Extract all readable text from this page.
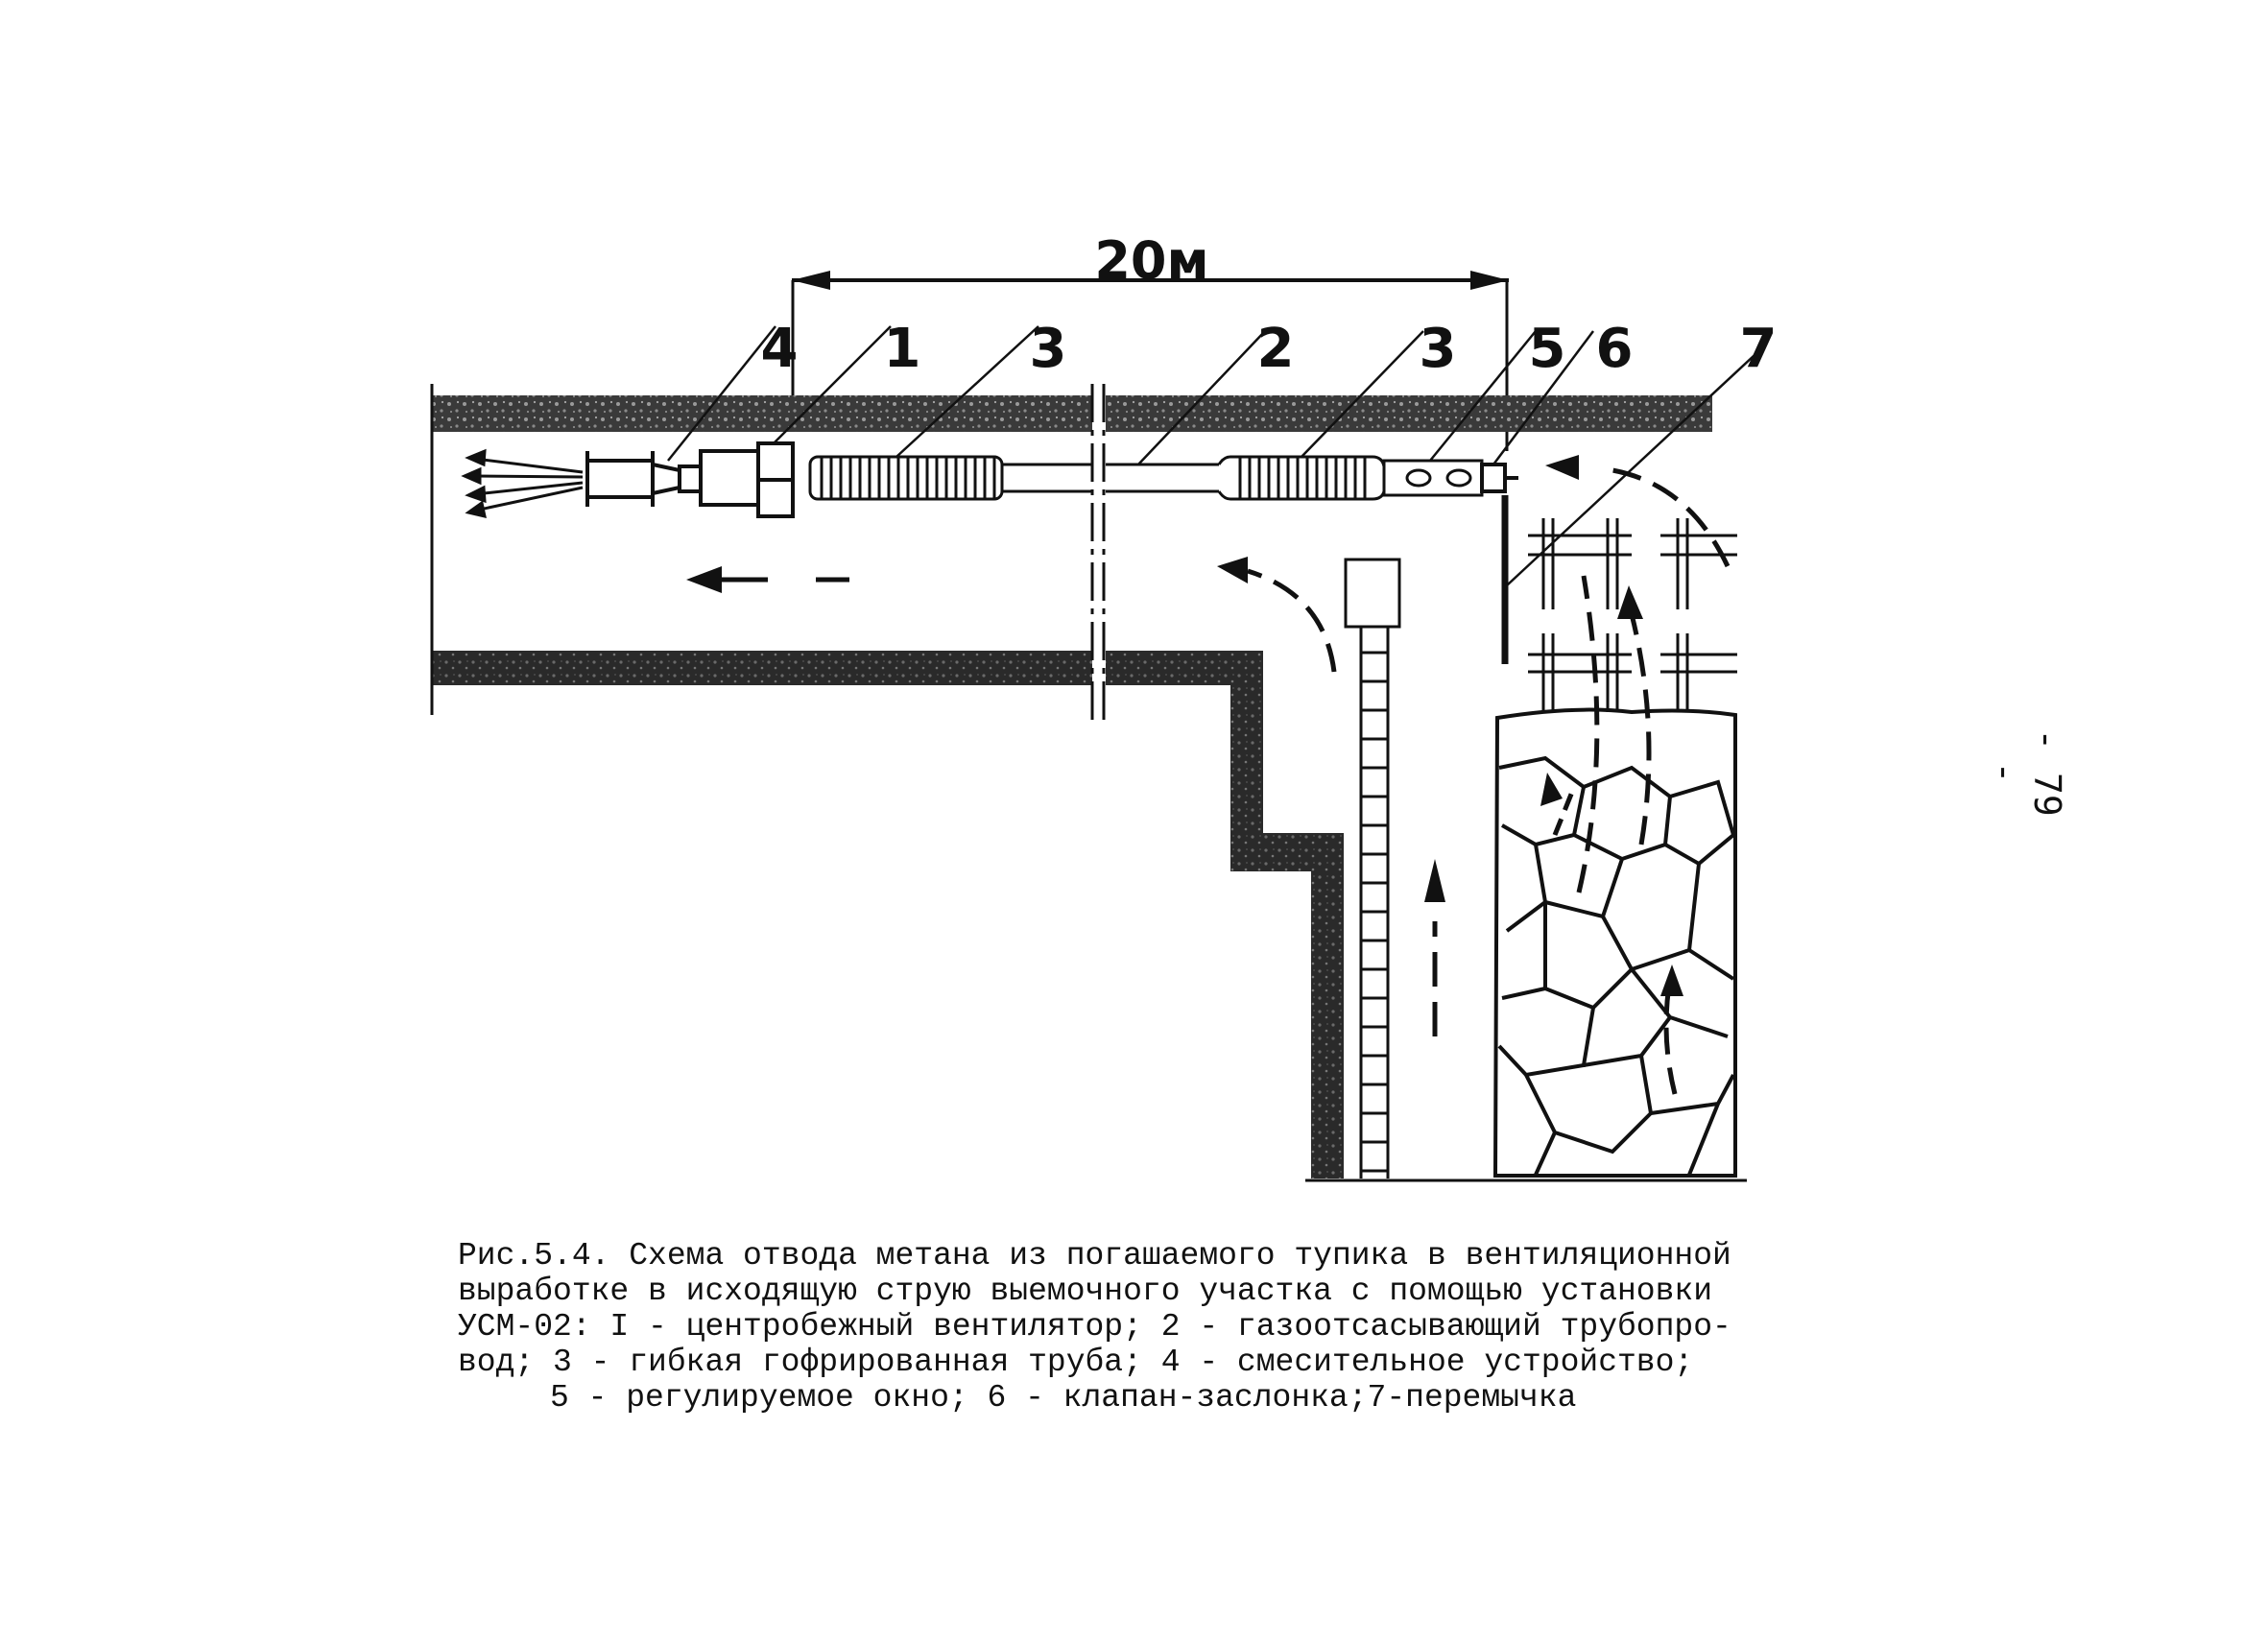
20м
4 1 3	2 3 5 6 7
Рис.5.4. Схема отвода метана из погашаемого тупика в вентиляционной
выработке в исходящую струю выемочного участка с помощью установки
УСМ-02: I - центробежный вентилятор; 2 - газоотсасывающий трубопро-
вод; 3 - гибкая гофрированная труба; 4 - смесительное устройство;
5 - регулируемое окно; 6 - клапан-заслонка;7-перемычка
- 79 -
